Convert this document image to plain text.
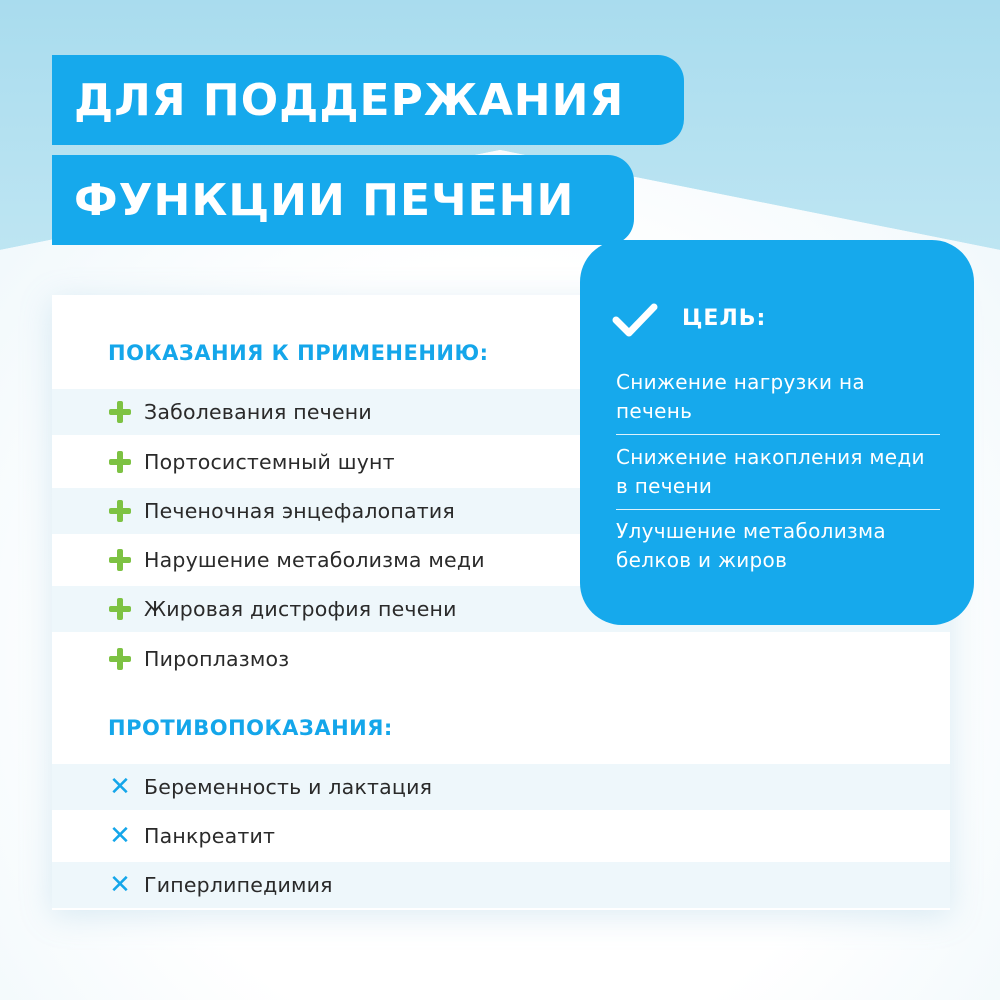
ДЛЯ ПОДДЕРЖАНИЯ
ФУНКЦИИ ПЕЧЕНИ
ПОКАЗАНИЯ К ПРИМЕНЕНИЮ:
Заболевания печени
Портосистемный шунт
Печеночная энцефалопатия
Нарушение метаболизма меди
Жировая дистрофия печени
Пироплазмоз
ПРОТИВОПОКАЗАНИЯ:
✕ Беременность и лактация
✕ Панкреатит
✕ Гиперлипедимия
ЦЕЛЬ:
Снижение нагрузки на печень
Снижение накопления меди в печени
Улучшение метаболизма белков и жиров
